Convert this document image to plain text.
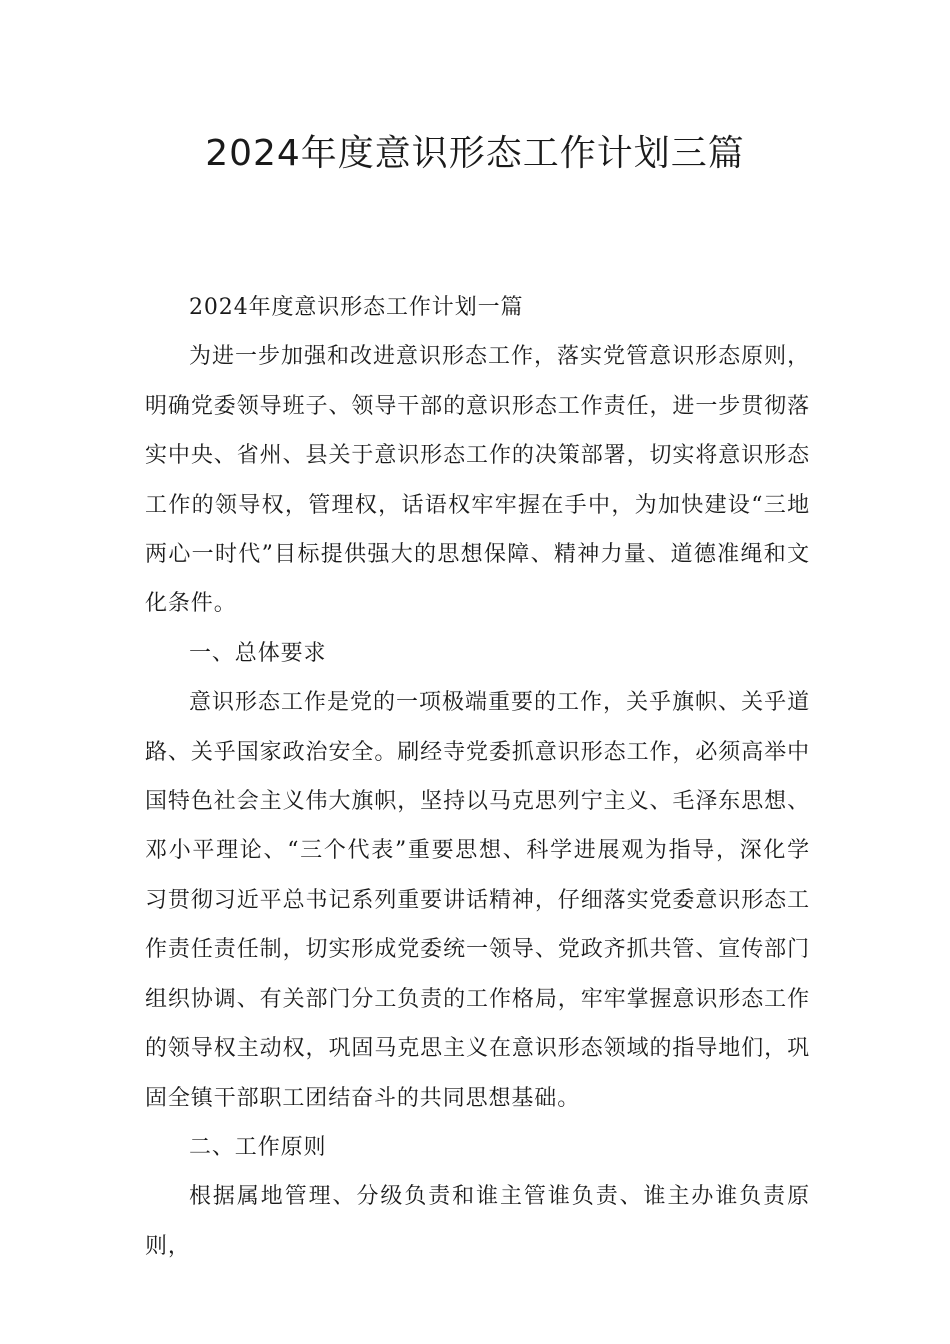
2024年度意识形态工作计划三篇

2024年度意识形态工作计划一篇

为进一步加强和改进意识形态工作，落实党管意识形态原则，明确党委领导班子、领导干部的意识形态工作责任，进一步贯彻落实中央、省州、县关于意识形态工作的决策部署，切实将意识形态工作的领导权，管理权，话语权牢牢握在手中，为加快建设“三地两心一时代”目标提供强大的思想保障、精神力量、道德准绳和文化条件。

一、总体要求

意识形态工作是党的一项极端重要的工作，关乎旗帜、关乎道路、关乎国家政治安全。刷经寺党委抓意识形态工作，必须高举中国特色社会主义伟大旗帜，坚持以马克思列宁主义、毛泽东思想、邓小平理论、“三个代表”重要思想、科学进展观为指导，深化学习贯彻习近平总书记系列重要讲话精神，仔细落实党委意识形态工作责任责任制，切实形成党委统一领导、党政齐抓共管、宣传部门组织协调、有关部门分工负责的工作格局，牢牢掌握意识形态工作的领导权主动权，巩固马克思主义在意识形态领域的指导地们，巩固全镇干部职工团结奋斗的共同思想基础。

二、工作原则

根据属地管理、分级负责和谁主管谁负责、谁主办谁负责原则，
